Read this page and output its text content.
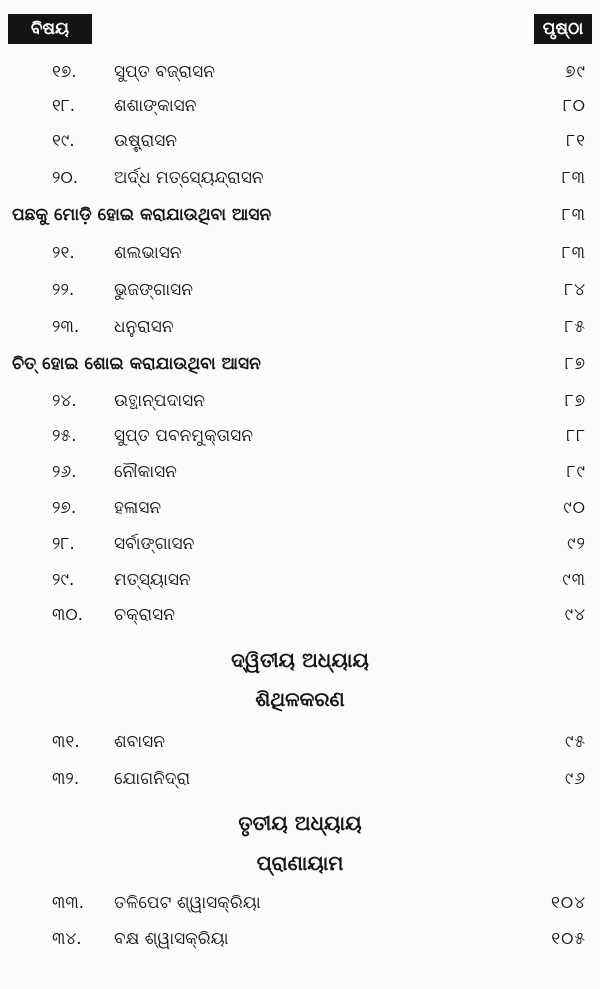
ବିଷୟ	ପୃଷ୍ଠା
୧୭.	ସୁପ୍ତ ବଜ୍ରାସନ	୭୯
୧୮.	ଶଶାଙ୍କାସନ	୮୦
୧୯.	ଉଷ୍ଟ୍ରାସନ	୮୧
୨୦.	ଅର୍ଦ୍ଧ ମତ୍ସ୍ୟେନ୍ଦ୍ରାସନ	୮୩
ପଛକୁ ମୋଡ଼ି ହୋଇ କରାଯାଉଥିବା ଆସନ	୮୩
୨୧.	ଶଲଭାସନ	୮୩
୨୨.	ଭୁଜଙ୍ଗାସନ	୮୪
୨୩.	ଧନୁରାସନ	୮୫
ଚିତ୍ ହୋଇ ଶୋଇ କରାଯାଉଥିବା ଆସନ	୮୭
୨୪.	ଉତ୍ଥାନ୍‌ପଦାସନ	୮୭
୨୫.	ସୁପ୍ତ ପବନମୁକ୍ତାସନ	୮୮
୨୬.	ନୌକାସନ	୮୯
୨୭.	ହଳାସନ	୯୦
୨୮.	ସର୍ବାଙ୍ଗାସନ	୯୨
୨୯.	ମତ୍ସ୍ୟାସନ	୯୩
୩୦.	ଚକ୍ରାସନ	୯୪
ଦ୍ୱିତୀୟ ଅଧ୍ୟାୟ
ଶିଥିଳକରଣ
୩୧.	ଶବାସନ	୯୫
୩୨.	ଯୋଗନିଦ୍ରା	୯୬
ତୃତୀୟ ଅଧ୍ୟାୟ
ପ୍ରାଣାୟାମ
୩୩.	ତଳିପେଟ ଶ୍ୱାସକ୍ରିୟା	୧୦୪
୩୪.	ବକ୍ଷ ଶ୍ୱାସକ୍ରିୟା	୧୦୫
